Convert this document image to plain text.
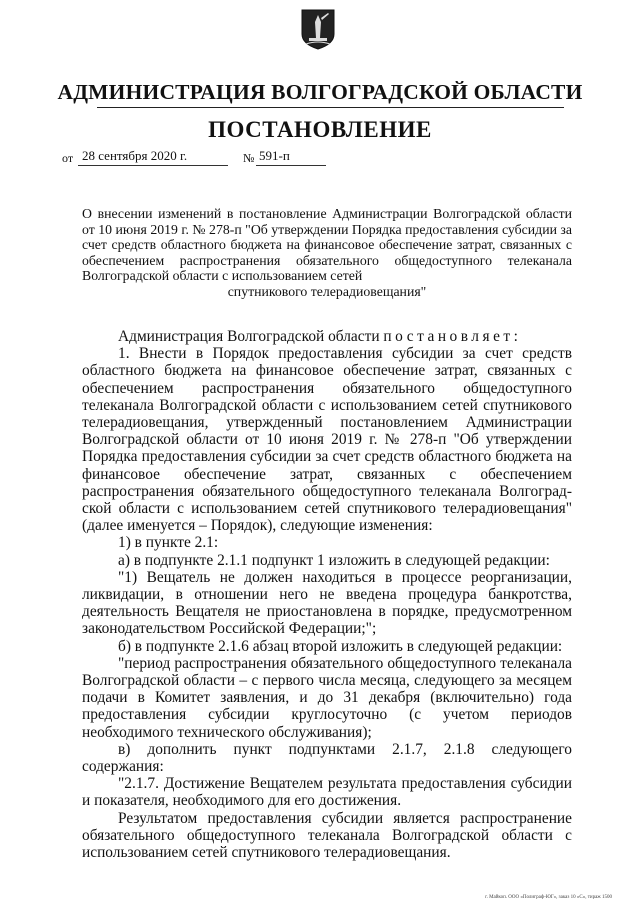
АДМИНИСТРАЦИЯ ВОЛГОГРАДСКОЙ ОБЛАСТИ
ПОСТАНОВЛЕНИЕ
от 28 сентября 2020 г.	№ 591-п
О внесении изменений в постановление Администрации Волгоградской области от 10 июня 2019 г. № 278-п "Об утверждении Порядка предоставления субсидии за счет средств областного бюджета на финансовое обеспечение затрат, связанных с обеспечением распространения обязательного общедоступного телеканала Волгоградской области с использованием сетей
спутникового телерадиовещания"

Администрация Волгоградской области постановляет:

1. Внести в Порядок предоставления субсидии за счет средств областного бюджета на финансовое обеспечение затрат, связанных с обеспечением распространения обязательного общедоступного телеканала Волгоградской области с использованием сетей спутникового телерадиовещания, утвержденный постановлением Администрации Волгоградской области от 10 июня 2019 г. № 278-п "Об утверждении Порядка предоставления субсидии за счет средств областного бюджета на финансовое обеспечение затрат, связанных с обеспечением распространения обязательного общедоступного телеканала Волгоград-ской области с использованием сетей спутникового телерадиовещания" (далее именуется – Порядок), следующие изменения:

1) в пункте 2.1:

а) в подпункте 2.1.1 подпункт 1 изложить в следующей редакции:

"1) Вещатель не должен находиться в процессе реорганизации, ликвидации, в отношении него не введена процедура банкротства, деятельность Вещателя не приостановлена в порядке, предусмотренном законодательством Российской Федерации;";

б) в подпункте 2.1.6 абзац второй изложить в следующей редакции:

"период распространения обязательного общедоступного телеканала Волгоградской области – с первого числа месяца, следующего за месяцем подачи в Комитет заявления, и до 31 декабря (включительно) года предоставления субсидии круглосуточно (с учетом периодов необходимого технического обслуживания);

в) дополнить пункт подпунктами 2.1.7, 2.1.8 следующего содержания:

"2.1.7. Достижение Вещателем результата предоставления субсидии и показателя, необходимого для его достижения.

Результатом предоставления субсидии является распространение обязательного общедоступного телеканала Волгоградской области с использованием сетей спутникового телерадиовещания.

г. Майкоп. ООО «Полиграф-ЮГ», заказ 10 «С», тираж 1500
